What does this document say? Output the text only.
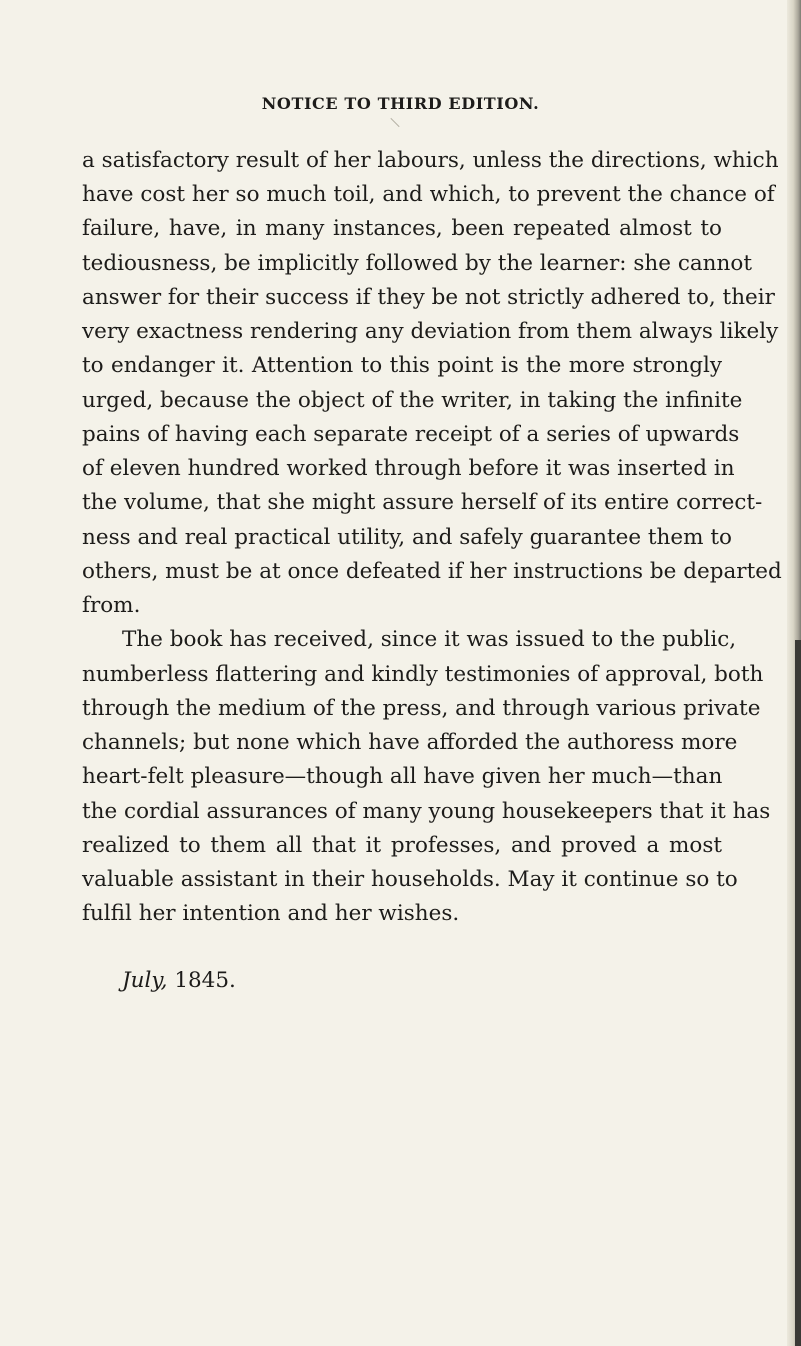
NOTICE TO THIRD EDITION.
a satisfactory result of her labours, unless the directions, which
have cost her so much toil, and which, to prevent the chance of
failure, have, in many instances, been repeated almost to
tediousness, be implicitly followed by the learner: she cannot
answer for their success if they be not strictly adhered to, their
very exactness rendering any deviation from them always likely
to endanger it. Attention to this point is the more strongly
urged, because the object of the writer, in taking the infinite
pains of having each separate receipt of a series of upwards
of eleven hundred worked through before it was inserted in
the volume, that she might assure herself of its entire correct-
ness and real practical utility, and safely guarantee them to
others, must be at once defeated if her instructions be departed
from.
The book has received, since it was issued to the public,
numberless flattering and kindly testimonies of approval, both
through the medium of the press, and through various private
channels; but none which have afforded the authoress more
heart-felt pleasure—though all have given her much—than
the cordial assurances of many young housekeepers that it has
realized to them all that it professes, and proved a most
valuable assistant in their households. May it continue so to
fulfil her intention and her wishes.
July, 1845.
